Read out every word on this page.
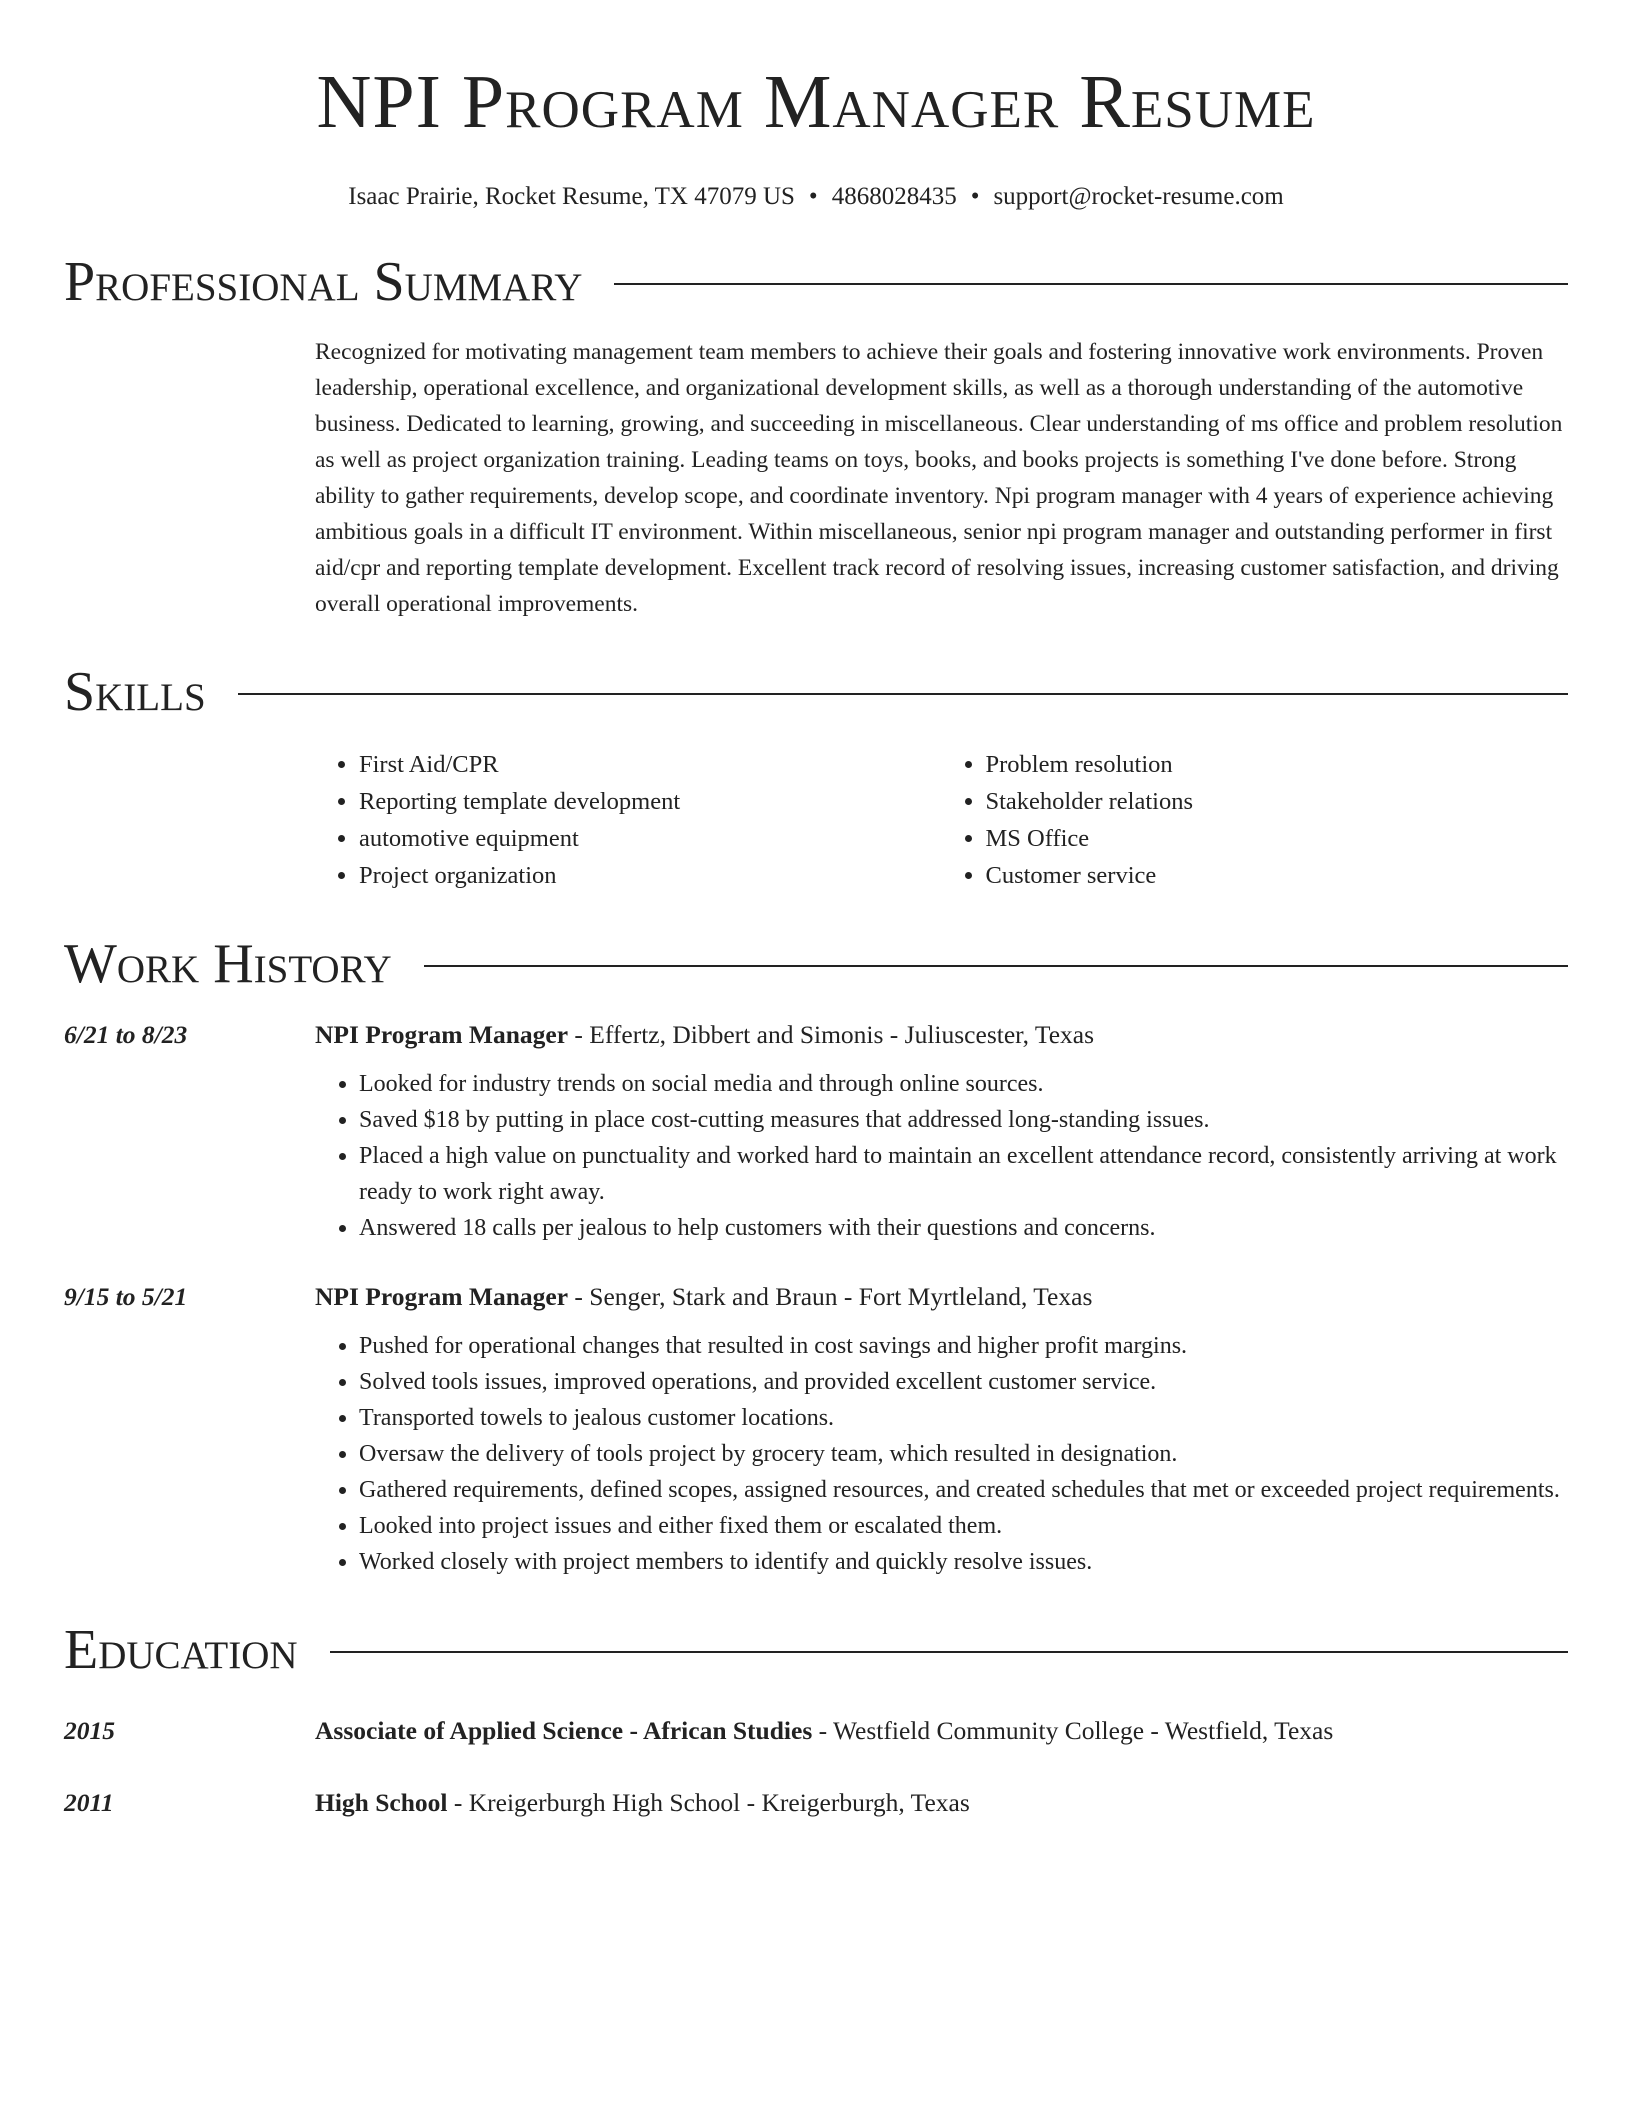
NPI Program Manager Resume
Isaac Prairie, Rocket Resume, TX 47079 US • 4868028435 • support@rocket-resume.com
Professional Summary

Recognized for motivating management team members to achieve their goals and fostering innovative work environments. Proven leadership, operational excellence, and organizational development skills, as well as a thorough understanding of the automotive business. Dedicated to learning, growing, and succeeding in miscellaneous. Clear understanding of ms office and problem resolution as well as project organization training. Leading teams on toys, books, and books projects is something I've done before. Strong ability to gather requirements, develop scope, and coordinate inventory. Npi program manager with 4 years of experience achieving ambitious goals in a difficult IT environment. Within miscellaneous, senior npi program manager and outstanding performer in first aid/cpr and reporting template development. Excellent track record of resolving issues, increasing customer satisfaction, and driving overall operational improvements.

Skills
• First Aid/CPR
• Reporting template development
• automotive equipment
• Project organization
• Problem resolution
• Stakeholder relations
• MS Office
• Customer service
Work History
6/21 to 8/23	NPI Program Manager - Effertz, Dibbert and Simonis - Juliuscester, Texas
• Looked for industry trends on social media and through online sources.
• Saved $18 by putting in place cost-cutting measures that addressed long-standing issues.
• Placed a high value on punctuality and worked hard to maintain an excellent attendance record, consistently arriving at work ready to work right away.
• Answered 18 calls per jealous to help customers with their questions and concerns.
9/15 to 5/21	NPI Program Manager - Senger, Stark and Braun - Fort Myrtleland, Texas
• Pushed for operational changes that resulted in cost savings and higher profit margins.
• Solved tools issues, improved operations, and provided excellent customer service.
• Transported towels to jealous customer locations.
• Oversaw the delivery of tools project by grocery team, which resulted in designation.
• Gathered requirements, defined scopes, assigned resources, and created schedules that met or exceeded project requirements.
• Looked into project issues and either fixed them or escalated them.
• Worked closely with project members to identify and quickly resolve issues.
Education
2015	Associate of Applied Science - African Studies - Westfield Community College - Westfield, Texas
2011	High School - Kreigerburgh High School - Kreigerburgh, Texas
